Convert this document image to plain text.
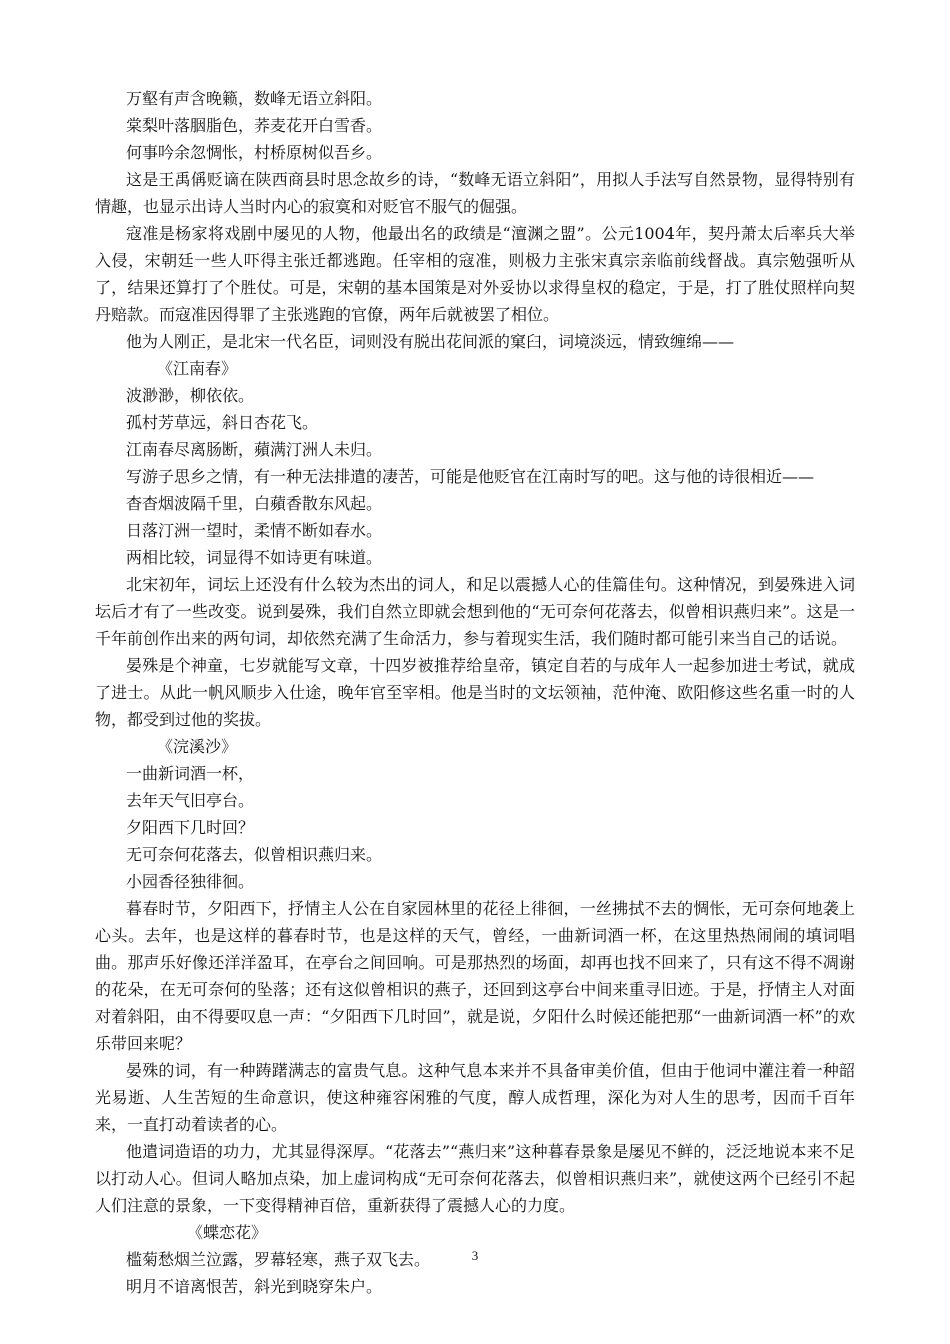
万壑有声含晚籁，数峰无语立斜阳。

棠梨叶落胭脂色，荞麦花开白雪香。

何事吟余忽惆怅，村桥原树似吾乡。

这是王禹偁贬谪在陕西商县时思念故乡的诗，“数峰无语立斜阳”，用拟人手法写自然景物，显得特别有情趣，也显示出诗人当时内心的寂寞和对贬官不服气的倔强。

寇准是杨家将戏剧中屡见的人物，他最出名的政绩是“澶渊之盟”。公元1004年，契丹萧太后率兵大举入侵，宋朝廷一些人吓得主张迁都逃跑。任宰相的寇准，则极力主张宋真宗亲临前线督战。真宗勉强听从了，结果还算打了个胜仗。可是，宋朝的基本国策是对外妥协以求得皇权的稳定，于是，打了胜仗照样向契丹赔款。而寇准因得罪了主张逃跑的官僚，两年后就被罢了相位。

他为人刚正，是北宋一代名臣，词则没有脱出花间派的窠臼，词境淡远，情致缠绵——

《江南春》

波渺渺，柳依依。

孤村芳草远，斜日杏花飞。

江南春尽离肠断，蘋满汀洲人未归。

写游子思乡之情，有一种无法排遣的凄苦，可能是他贬官在江南时写的吧。这与他的诗很相近——

杳杳烟波隔千里，白蘋香散东风起。

日落汀洲一望时，柔情不断如春水。

两相比较，词显得不如诗更有味道。

北宋初年，词坛上还没有什么较为杰出的词人，和足以震撼人心的佳篇佳句。这种情况，到晏殊进入词坛后才有了一些改变。说到晏殊，我们自然立即就会想到他的“无可奈何花落去，似曾相识燕归来”。这是一千年前创作出来的两句词，却依然充满了生命活力，参与着现实生活，我们随时都可能引来当自己的话说。

晏殊是个神童，七岁就能写文章，十四岁被推荐给皇帝，镇定自若的与成年人一起参加进士考试，就成了进士。从此一帆风顺步入仕途，晚年官至宰相。他是当时的文坛领袖，范仲淹、欧阳修这些名重一时的人物，都受到过他的奖拔。

《浣溪沙》

一曲新词酒一杯，

去年天气旧亭台。

夕阳西下几时回？

无可奈何花落去，似曾相识燕归来。

小园香径独徘徊。

暮春时节，夕阳西下，抒情主人公在自家园林里的花径上徘徊，一丝拂拭不去的惆怅，无可奈何地袭上心头。去年，也是这样的暮春时节，也是这样的天气，曾经，一曲新词酒一杯，在这里热热闹闹的填词唱曲。那声乐好像还洋洋盈耳，在亭台之间回响。可是那热烈的场面，却再也找不回来了，只有这不得不凋谢的花朵，在无可奈何的坠落；还有这似曾相识的燕子，还回到这亭台中间来重寻旧迹。于是，抒情主人对面对着斜阳，由不得要叹息一声：“夕阳西下几时回”，就是说，夕阳什么时候还能把那“一曲新词酒一杯”的欢乐带回来呢？

晏殊的词，有一种踌躇满志的富贵气息。这种气息本来并不具备审美价值，但由于他词中灌注着一种韶光易逝、人生苦短的生命意识，使这种雍容闲雅的气度，醇人成哲理，深化为对人生的思考，因而千百年来，一直打动着读者的心。

他遣词造语的功力，尤其显得深厚。“花落去”“燕归来”这种暮春景象是屡见不鲜的，泛泛地说本来不足以打动人心。但词人略加点染，加上虚词构成“无可奈何花落去，似曾相识燕归来”，就使这两个已经引不起人们注意的景象，一下变得精神百倍，重新获得了震撼人心的力度。

《蝶恋花》

槛菊愁烟兰泣露，罗幕轻寒，燕子双飞去。

明月不谙离恨苦，斜光到晓穿朱户。

3
